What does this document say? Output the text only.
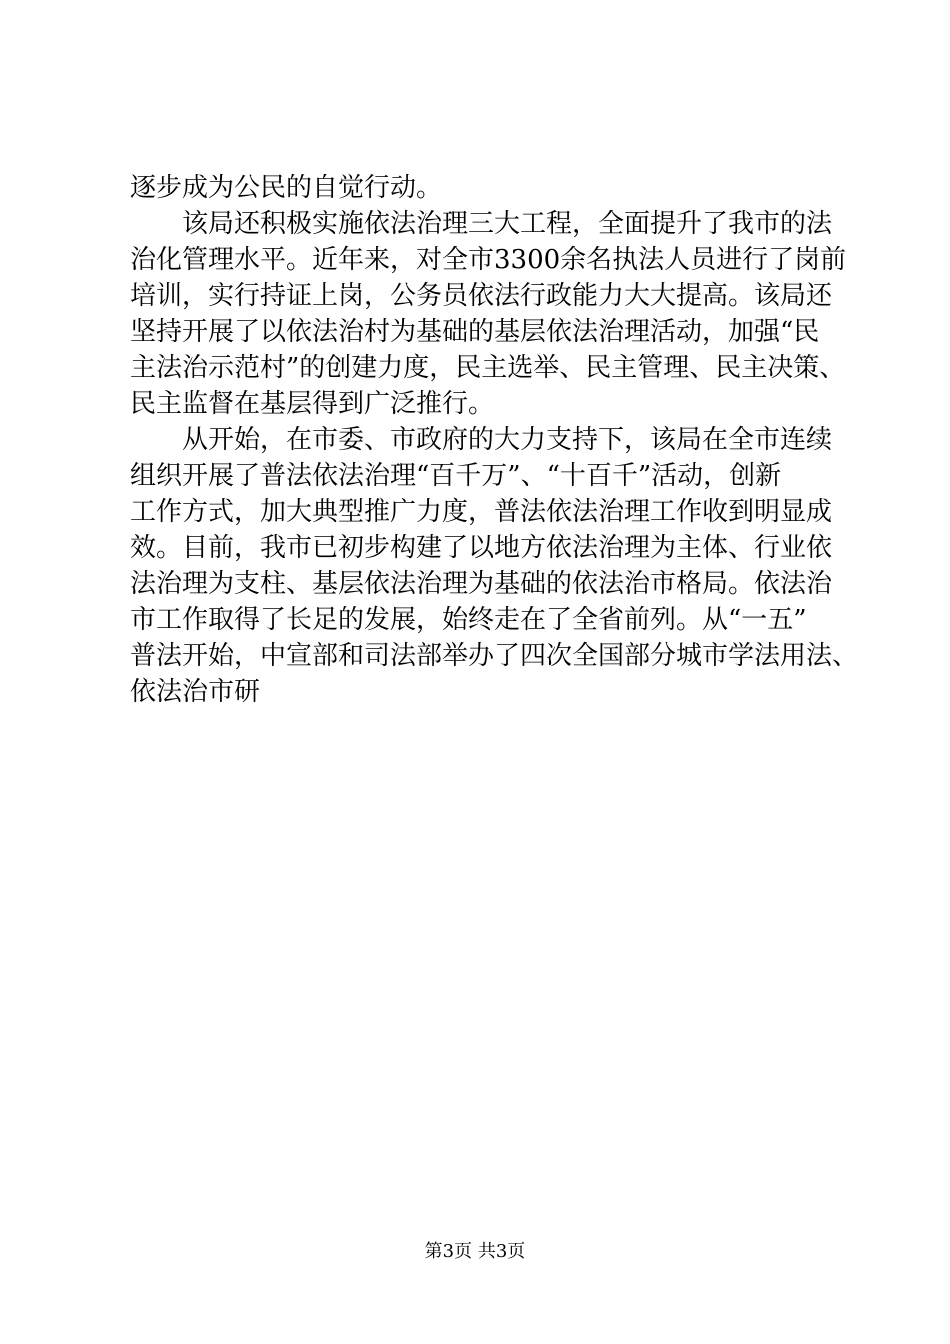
逐步成为公民的自觉行动。
该局还积极实施依法治理三大工程，全面提升了我市的法
治化管理水平。近年来，对全市3300余名执法人员进行了岗前
培训，实行持证上岗，公务员依法行政能力大大提高。该局还
坚持开展了以依法治村为基础的基层依法治理活动，加强“民
主法治示范村”的创建力度，民主选举、民主管理、民主决策、
民主监督在基层得到广泛推行。
从开始，在市委、市政府的大力支持下，该局在全市连续
组织开展了普法依法治理“百千万”、“十百千”活动，创新
工作方式，加大典型推广力度，普法依法治理工作收到明显成
效。目前，我市已初步构建了以地方依法治理为主体、行业依
法治理为支柱、基层依法治理为基础的依法治市格局。依法治
市工作取得了长足的发展，始终走在了全省前列。从“一五”
普法开始，中宣部和司法部举办了四次全国部分城市学法用法、
依法治市研
第3页 共3页
